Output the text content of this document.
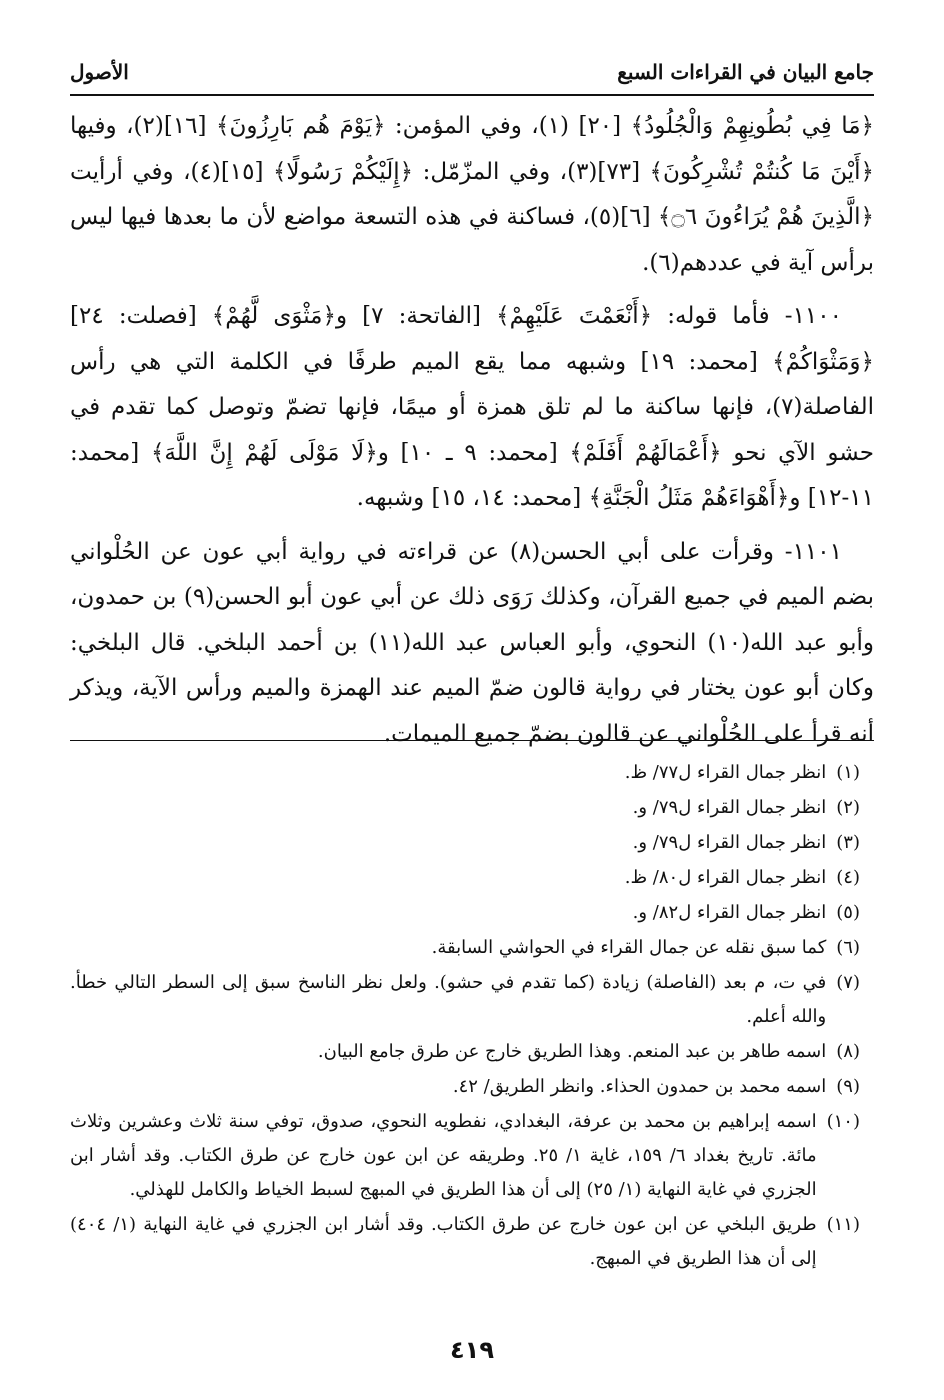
جامع البيان في القراءات السبع
الأصول

﴿مَا فِي بُطُونِهِمْ وَالْجُلُودُ﴾ [٢٠] (١)، وفي المؤمن: ﴿يَوْمَ هُم بَارِزُونَ﴾ [١٦](٢)، وفيها ﴿أَيْنَ مَا كُنتُمْ تُشْرِكُونَ﴾ [٧٣](٣)، وفي المزّمّل: ﴿إِلَيْكُمْ رَسُولًا﴾ [١٥](٤)، وفي أرأيت ﴿الَّذِينَ هُمْ يُرَاءُونَ ۝٦﴾ [٦](٥)، فساكنة في هذه التسعة مواضع لأن ما بعدها فيها ليس برأس آية في عددهم(٦).

١١٠٠- فأما قوله: ﴿أَنْعَمْتَ عَلَيْهِمْ﴾ [الفاتحة: ٧] و﴿مَثْوَى لَّهُمْ﴾ [فصلت: ٢٤] ﴿وَمَثْوَاكُمْ﴾ [محمد: ١٩] وشبهه مما يقع الميم طرفًا في الكلمة التي هي رأس الفاصلة(٧)، فإنها ساكنة ما لم تلق همزة أو ميمًا، فإنها تضمّ وتوصل كما تقدم في حشو الآي نحو ﴿أَعْمَالَهُمْ أَفَلَمْ﴾ [محمد: ٩ ـ ١٠] و﴿لَا مَوْلَى لَهُمْ إِنَّ اللَّهَ﴾ [محمد: ١١-١٢] و﴿أَهْوَاءَهُمْ مَثَلُ الْجَنَّةِ﴾ [محمد: ١٤، ١٥] وشبهه.

١١٠١- وقرأت على أبي الحسن(٨) عن قراءته في رواية أبي عون عن الحُلْواني بضم الميم في جميع القرآن، وكذلك رَوَى ذلك عن أبي عون أبو الحسن(٩) بن حمدون، وأبو عبد الله(١٠) النحوي، وأبو العباس عبد الله(١١) بن أحمد البلخي. قال البلخي: وكان أبو عون يختار في رواية قالون ضمّ الميم عند الهمزة والميم ورأس الآية، ويذكر أنه قرأ على الحُلْواني عن قالون بضمّ جميع الميمات.

(١)
انظر جمال القراء ل٧٧/ ظ.
(٢)
انظر جمال القراء ل٧٩/ و.
(٣)
انظر جمال القراء ل٧٩/ و.
(٤)
انظر جمال القراء ل٨٠/ ظ.
(٥)
انظر جمال القراء ل٨٢/ و.
(٦)
كما سبق نقله عن جمال القراء في الحواشي السابقة.
(٧)
في ت، م بعد (الفاصلة) زيادة (كما تقدم في حشو). ولعل نظر الناسخ سبق إلى السطر التالي خطأ. والله أعلم.
(٨)
اسمه طاهر بن عبد المنعم. وهذا الطريق خارج عن طرق جامع البيان.
(٩)
اسمه محمد بن حمدون الحذاء. وانظر الطريق/ ٤٢.
(١٠)
اسمه إبراهيم بن محمد بن عرفة، البغدادي، نفطويه النحوي، صدوق، توفي سنة ثلاث وعشرين وثلاث مائة. تاريخ بغداد ٦/ ١٥٩، غاية ١/ ٢٥. وطريقه عن ابن عون خارج عن طرق الكتاب. وقد أشار ابن الجزري في غاية النهاية (١/ ٢٥) إلى أن هذا الطريق في المبهج لسبط الخياط والكامل للهذلي.
(١١)
طريق البلخي عن ابن عون خارج عن طرق الكتاب. وقد أشار ابن الجزري في غاية النهاية (١/ ٤٠٤) إلى أن هذا الطريق في المبهج.
٤١٩
